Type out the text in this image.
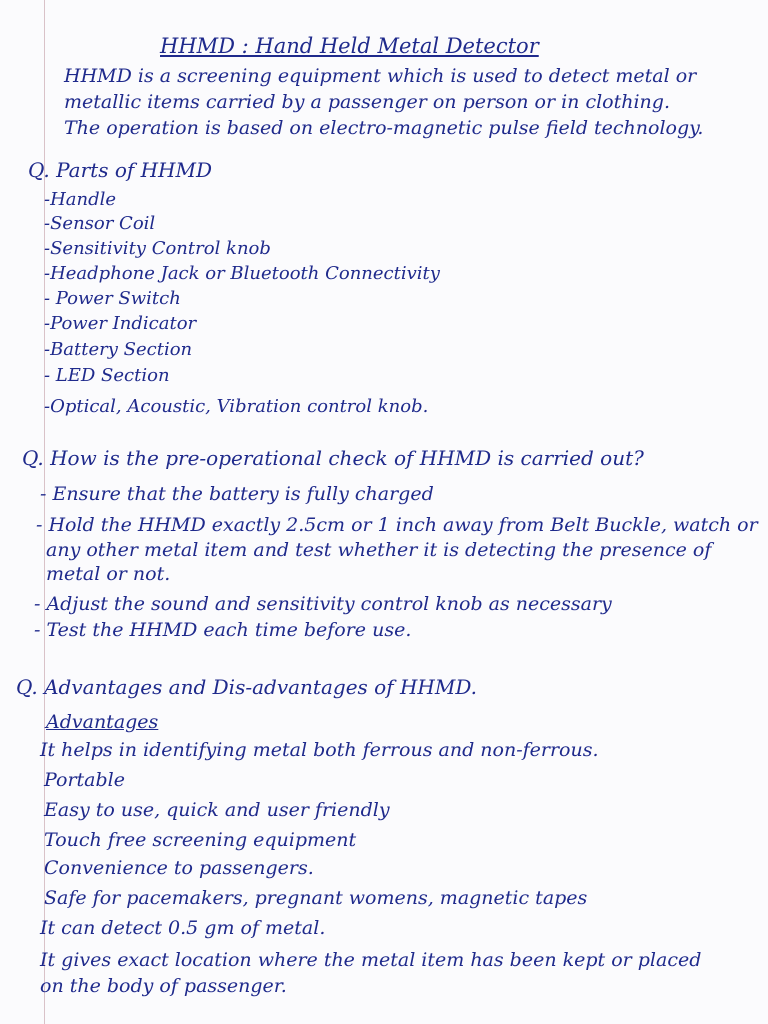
HHMD : Hand Held Metal Detector
HHMD is a screening equipment which is used to detect metal or
metallic items carried by a passenger on person or in clothing.
The operation is based on electro-magnetic pulse field technology.
Q. Parts of HHMD
-Handle
-Sensor Coil
-Sensitivity Control knob
-Headphone Jack or Bluetooth Connectivity
- Power Switch
-Power Indicator
-Battery Section
- LED Section
-Optical, Acoustic, Vibration control knob.
Q. How is the pre-operational check of HHMD is carried out?
- Ensure that the battery is fully charged
- Hold the HHMD exactly 2.5cm or 1 inch away from Belt Buckle, watch or
any other metal item and test whether it is detecting the presence of
metal or not.
- Adjust the sound and sensitivity control knob as necessary
- Test the HHMD each time before use.
Q. Advantages and Dis-advantages of HHMD.
Advantages
It helps in identifying metal both ferrous and non-ferrous.
Portable
Easy to use, quick and user friendly
Touch free screening equipment
Convenience to passengers.
Safe for pacemakers, pregnant womens, magnetic tapes
It can detect 0.5 gm of metal.
It gives exact location where the metal item has been kept or placed
on the body of passenger.
